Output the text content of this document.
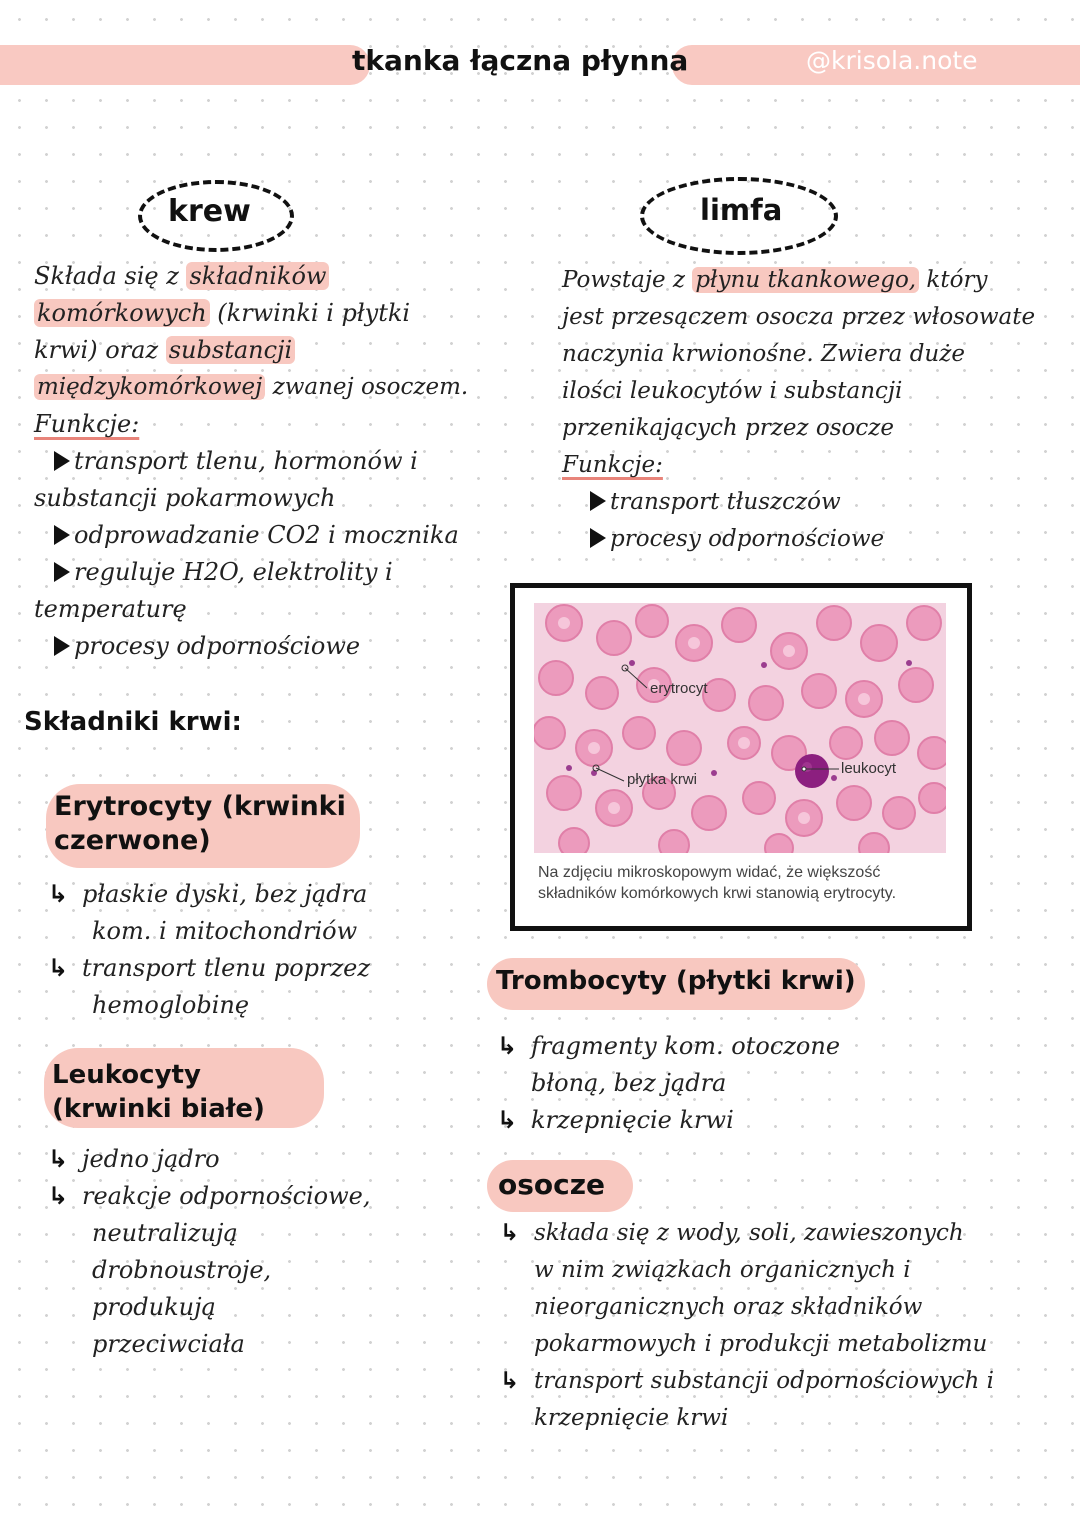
tkanka łączna płynna	@krisola.note
krew
Składa się z składników
komórkowych (krwinki i płytki
krwi) oraz substancji
międzykomórkowej zwanej osoczem.
Funkcje:
transport tlenu, hormonów i
substancji pokarmowych
odprowadzanie CO2 i mocznika
reguluje H2O, elektrolity i
temperaturę
procesy odpornościowe
limfa
Powstaje z płynu tkankowego, który
jest przesączem osocza przez włosowate
naczynia krwionośne. Zwiera duże
ilości leukocytów i substancji
przenikających przez osocze
Funkcje:
transport tłuszczów
procesy odpornościowe
Składniki krwi:
Erytrocyty (krwinki
czerwone)
↳ płaskie dyski, bez jądra
kom. i mitochondriów
↳ transport tlenu poprzez
hemoglobinę
Leukocyty
(krwinki białe)
↳ jedno jądro
↳ reakcje odpornościowe,
neutralizują
drobnoustroje,
produkują
przeciwciała
erytrocyt
płytka krwi
leukocyt
Na zdjęciu mikroskopowym widać, że większość składników komórkowych krwi stanowią erytrocyty.
Trombocyty (płytki krwi)
↳ fragmenty kom. otoczone
błoną, bez jądra
↳ krzepnięcie krwi
osocze
↳ składa się z wody, soli, zawieszonych
w nim związkach organicznych i
nieorganicznych oraz składników
pokarmowych i produkcji metabolizmu
↳ transport substancji odpornościowych i
krzepnięcie krwi
